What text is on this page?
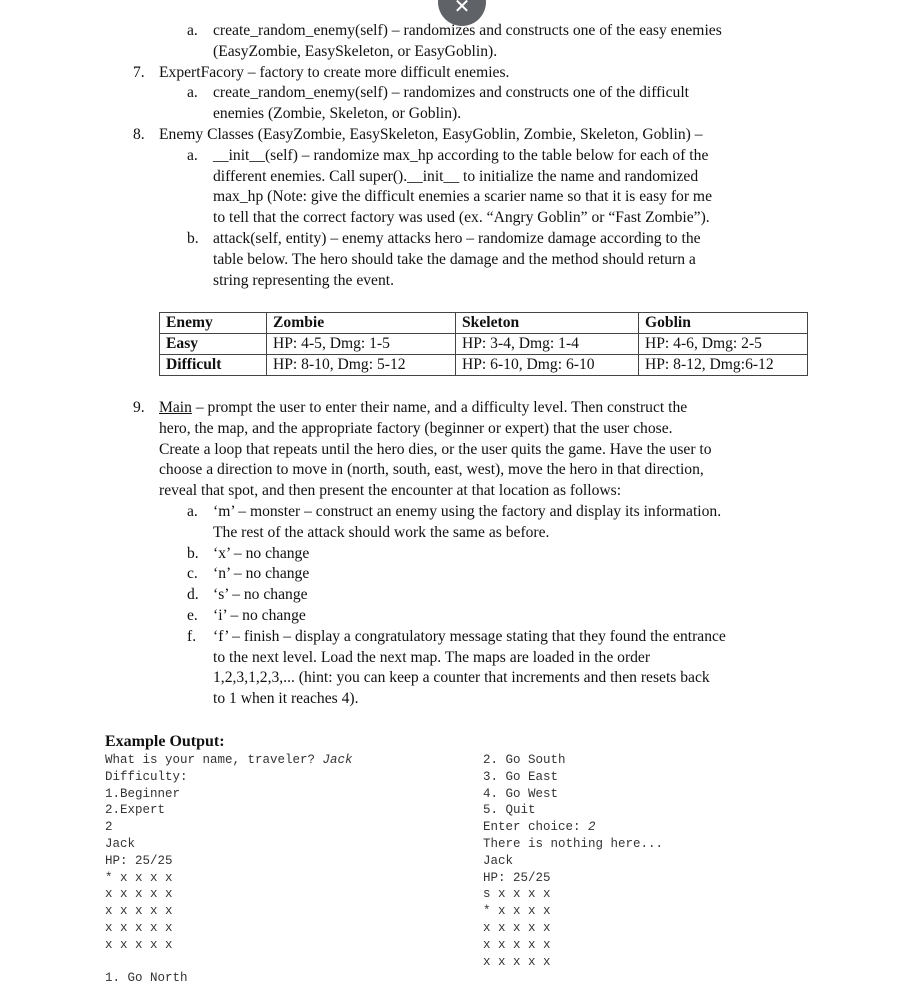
✕
a. create_random_enemy(self) – randomizes and constructs one of the easy enemies
(EasyZombie, EasySkeleton, or EasyGoblin).
7. ExpertFacory – factory to create more difficult enemies.
a. create_random_enemy(self) – randomizes and constructs one of the difficult
enemies (Zombie, Skeleton, or Goblin).
8. Enemy Classes (EasyZombie, EasySkeleton, EasyGoblin, Zombie, Skeleton, Goblin) –
a. __init__(self) – randomize max_hp according to the table below for each of the
different enemies. Call super().__init__ to initialize the name and randomized
max_hp (Note: give the difficult enemies a scarier name so that it is easy for me
to tell that the correct factory was used (ex. “Angry Goblin” or “Fast Zombie”).
b. attack(self, entity) – enemy attacks hero – randomize damage according to the
table below. The hero should take the damage and the method should return a
string representing the event.
Enemy	Zombie	Skeleton	Goblin
Easy	HP: 4-5, Dmg: 1-5	HP: 3-4, Dmg: 1-4	HP: 4-6, Dmg: 2-5
Difficult	HP: 8-10, Dmg: 5-12	HP: 6-10, Dmg: 6-10	HP: 8-12, Dmg:6-12
9. Main – prompt the user to enter their name, and a difficulty level. Then construct the
hero, the map, and the appropriate factory (beginner or expert) that the user chose.
Create a loop that repeats until the hero dies, or the user quits the game. Have the user to
choose a direction to move in (north, south, east, west), move the hero in that direction,
reveal that spot, and then present the encounter at that location as follows:
a. ‘m’ – monster – construct an enemy using the factory and display its information.
The rest of the attack should work the same as before.
b. ‘x’ – no change
c. ‘n’ – no change
d. ‘s’ – no change
e. ‘i’ – no change
f. ‘f’ – finish – display a congratulatory message stating that they found the entrance
to the next level. Load the next map. The maps are loaded in the order
1,2,3,1,2,3,... (hint: you can keep a counter that increments and then resets back
to 1 when it reaches 4).
Example Output:
What is your name, traveler? Jack
Difficulty:
1.Beginner
2.Expert
2
Jack
HP: 25/25
* x x x x
x x x x x
x x x x x
x x x x x
x x x x x

1. Go North
2. Go South
3. Go East
4. Go West
5. Quit
Enter choice: 2
There is nothing here...
Jack
HP: 25/25
s x x x x
* x x x x
x x x x x
x x x x x
x x x x x
